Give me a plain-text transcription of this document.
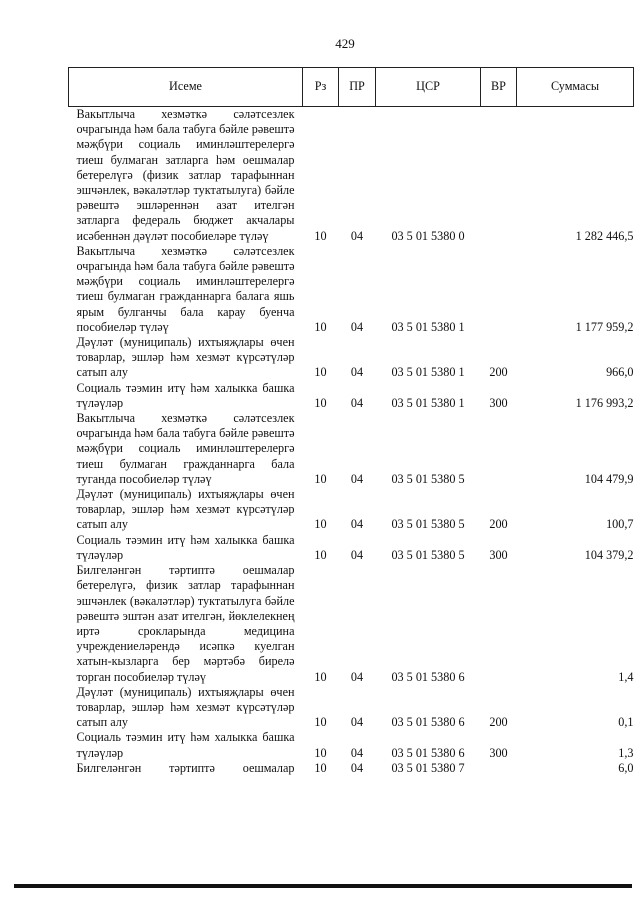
429
Исеме	Рз	ПР	ЦСР	ВР	Суммасы
Вакытлыча хезмәткә сәләтсезлек очрагында һәм бала табуга бәйле рәвештә мәҗбүри социаль иминләштерелергә тиеш булмаган затларга һәм оешмалар бетерелүгә (физик затлар тарафыннан эшчәнлек, вәкаләтләр туктатылуга) бәйле рәвештә эшләреннән азат ителгән затларга федераль бюджет акчалары исәбеннән дәүләт пособиеләре түләү	10	04	03 5 01 5380 0		1 282 446,5
Вакытлыча хезмәткә сәләтсезлек очрагында һәм бала табуга бәйле рәвештә мәҗбүри социаль иминләштерелергә тиеш булмаган гражданнарга балага яшь ярым булганчы бала карау буенча пособиеләр түләү	10	04	03 5 01 5380 1		1 177 959,2
Дәүләт (муниципаль) ихтыяҗлары өчен товарлар, эшләр һәм хезмәт күрсәтүләр сатып алу	10	04	03 5 01 5380 1	200	966,0
Социаль тәэмин итү һәм халыкка башка түләүләр	10	04	03 5 01 5380 1	300	1 176 993,2
Вакытлыча хезмәткә сәләтсезлек очрагында һәм бала табуга бәйле рәвештә мәҗбүри социаль иминләштерелергә тиеш булмаган гражданнарга бала туганда пособиеләр түләү	10	04	03 5 01 5380 5		104 479,9
Дәүләт (муниципаль) ихтыяҗлары өчен товарлар, эшләр һәм хезмәт күрсәтүләр сатып алу	10	04	03 5 01 5380 5	200	100,7
Социаль тәэмин итү һәм халыкка башка түләүләр	10	04	03 5 01 5380 5	300	104 379,2
Билгеләнгән тәртиптә оешмалар бетерелүгә, физик затлар тарафыннан эшчәнлек (вәкаләтләр) туктатылуга бәйле рәвештә эштән азат ителгән, йөклелекнең иртә срокларында медицина учреждениеләрендә исәпкә куелган хатын-кызларга бер мәртәбә бирелә торган пособиеләр түләү	10	04	03 5 01 5380 6		1,4
Дәүләт (муниципаль) ихтыяҗлары өчен товарлар, эшләр һәм хезмәт күрсәтүләр сатып алу	10	04	03 5 01 5380 6	200	0,1
Социаль тәэмин итү һәм халыкка башка түләүләр	10	04	03 5 01 5380 6	300	1,3
Билгеләнгән тәртиптә оешмалар	10	04	03 5 01 5380 7		6,0
